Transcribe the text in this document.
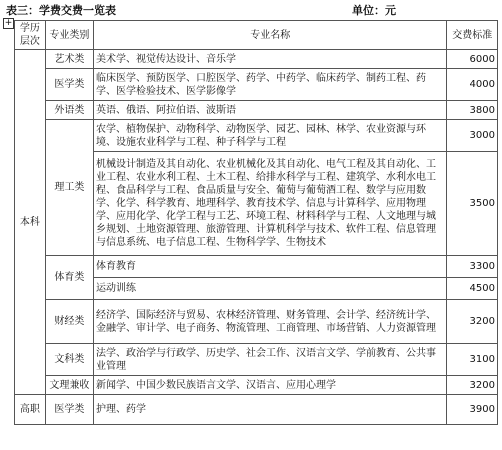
表三：学费交费一览表	单位：元
+ 学历层次	专业类别	专业名称	交费标准
本科	艺术类	美术学、视觉传达设计、音乐学	6000
	医学类	临床医学、预防医学、口腔医学、药学、中药学、临床药学、制药工程、药学、医学检验技术、医学影像学	4000
	外语类	英语、俄语、阿拉伯语、波斯语	3800
	理工类	农学、植物保护、动物科学、动物医学、园艺、园林、林学、农业资源与环境、设施农业科学与工程、种子科学与工程	3000
		机械设计制造及其自动化、农业机械化及其自动化、电气工程及其自动化、工业工程、农业水利工程、土木工程、给排水科学与工程、建筑学、水利水电工程、食品科学与工程、食品质量与安全、葡萄与葡萄酒工程、数学与应用数学、化学、科学教育、地理科学、教育技术学、信息与计算科学、应用物理学、应用化学、化学工程与工艺、环境工程、材料科学与工程、人文地理与城乡规划、土地资源管理、旅游管理、计算机科学与技术、软件工程、信息管理与信息系统、电子信息工程、生物科学学、生物技术	3500
	体育类	体育教育	3300
		运动训练	4500
	财经类	经济学、国际经济与贸易、农林经济管理、财务管理、会计学、经济统计学、金融学、审计学、电子商务、物流管理、工商管理、市场营销、人力资源管理	3200
	文科类	法学、政治学与行政学、历史学、社会工作、汉语言文学、学前教育、公共事业管理	3100
	文理兼收	新闻学、中国少数民族语言文学、汉语言、应用心理学	3200
高职	医学类	护理、药学	3900
